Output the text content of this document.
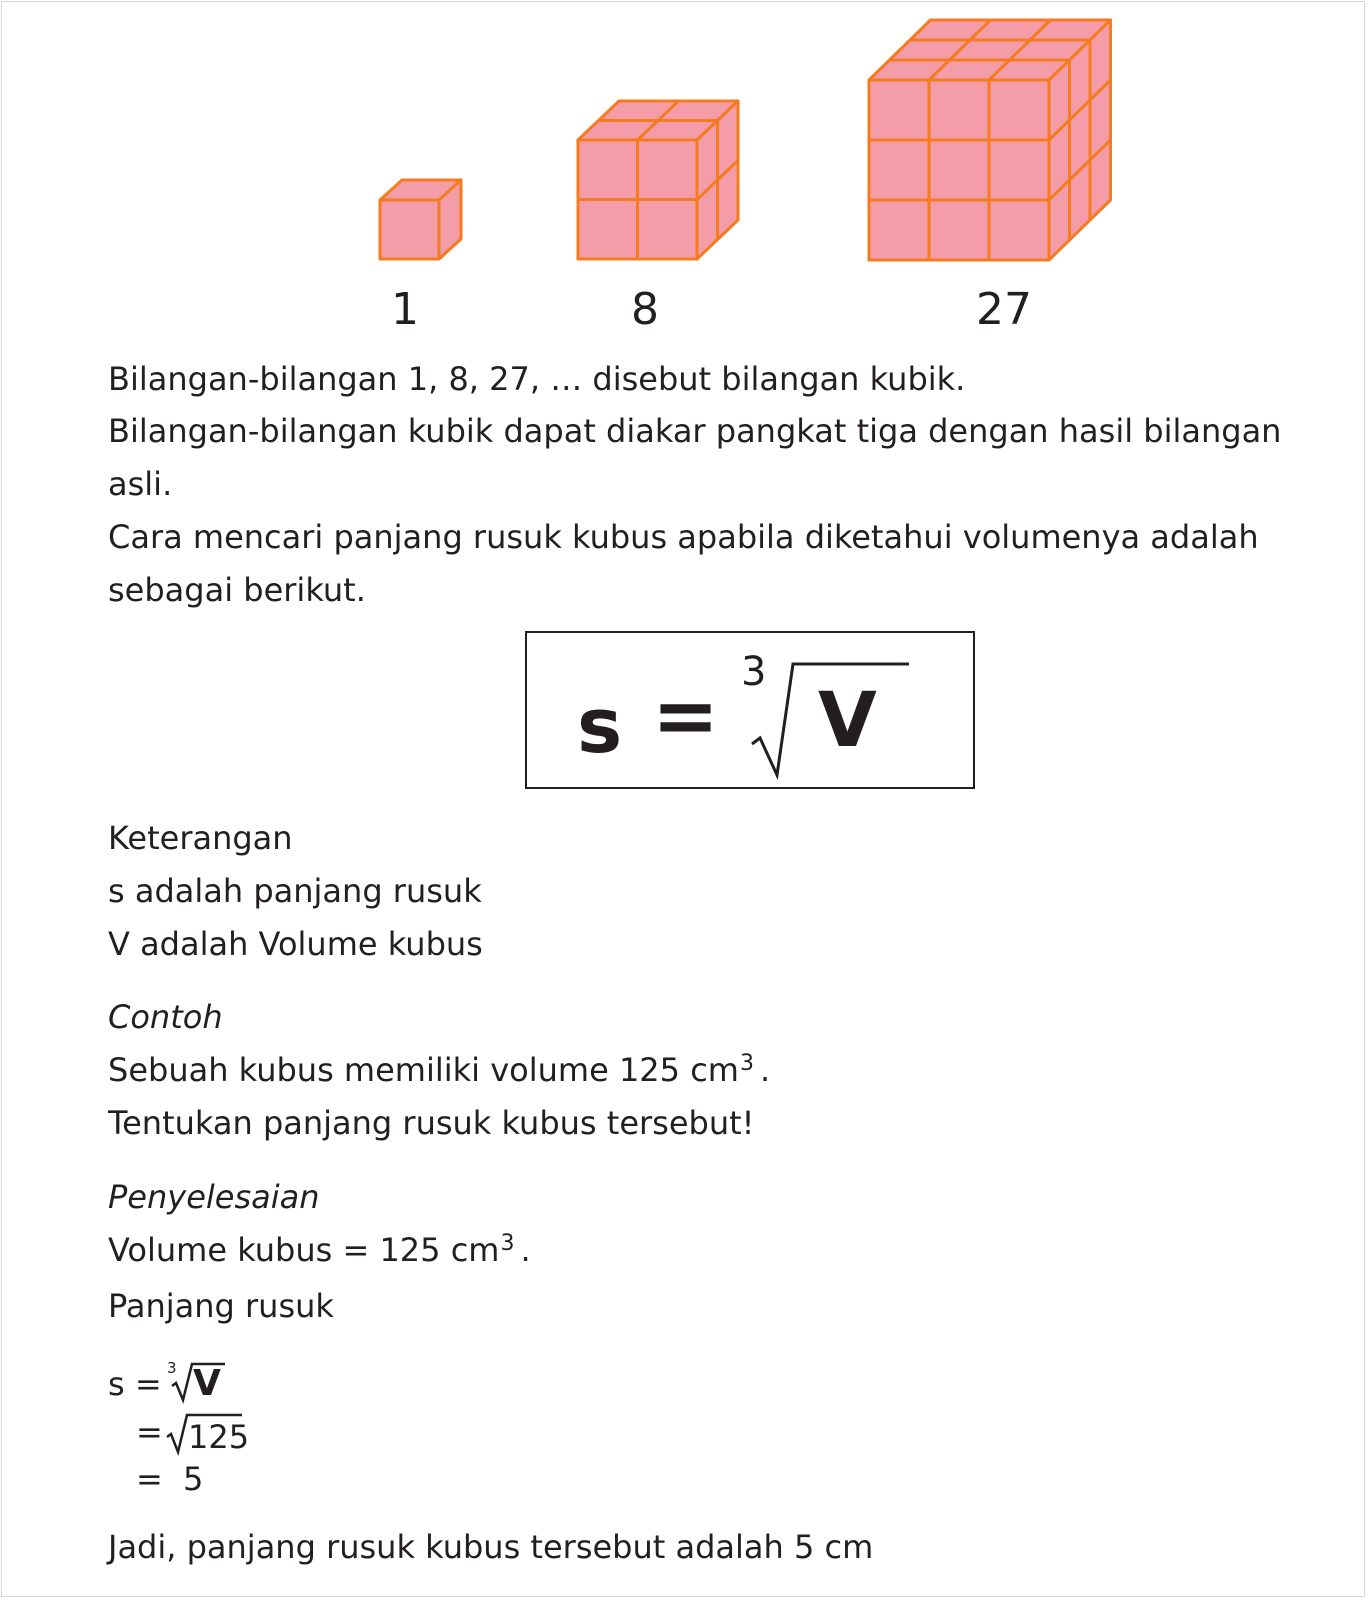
1	8	27
Bilangan-bilangan 1, 8, 27, … disebut bilangan kubik.
Bilangan-bilangan kubik dapat diakar pangkat tiga dengan hasil bilangan
asli.
Cara mencari panjang rusuk kubus apabila diketahui volumenya adalah
sebagai berikut.
s = 3
V
Keterangan
s adalah panjang rusuk
V adalah Volume kubus
Contoh
Sebuah kubus memiliki volume 125 $cm^3$ .
Tentukan panjang rusuk kubus tersebut!
Penyelesaian
Volume kubus = 125 $cm^3$ .
Panjang rusuk
s = 3 V
= 125
= 5
Jadi, panjang rusuk kubus tersebut adalah 5 cm
